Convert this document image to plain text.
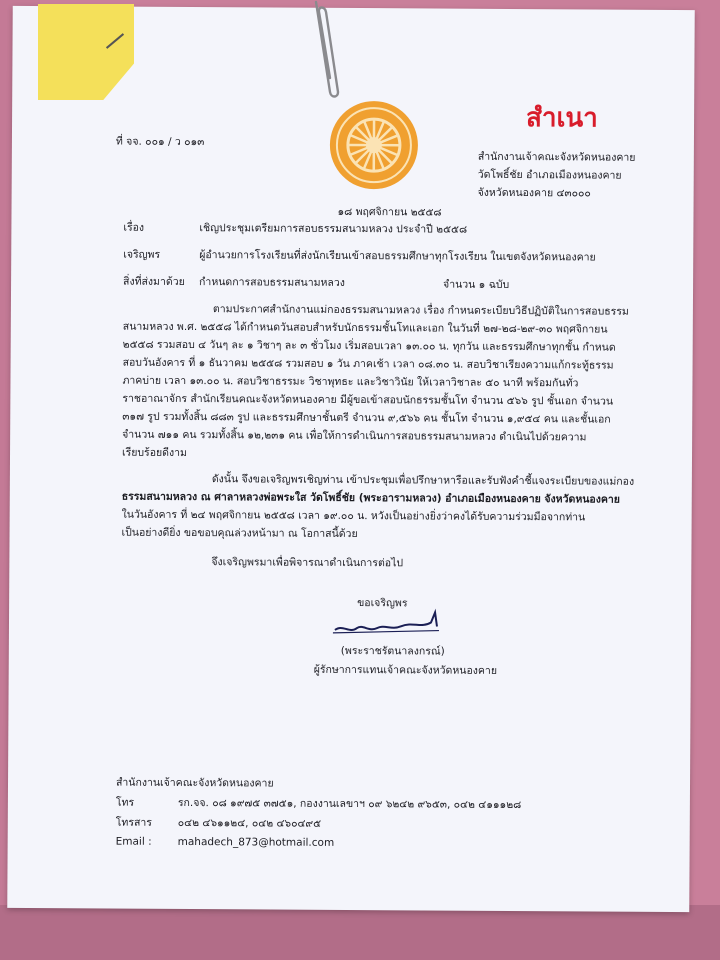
สำเนา
ที่ จจ. ๐๐๑ / ว ๐๑๓
สำนักงานเจ้าคณะจังหวัดหนองคาย
วัดโพธิ์ชัย อำเภอเมืองหนองคาย
จังหวัดหนองคาย ๔๓๐๐๐
๑๘ พฤศจิกายน ๒๕๕๘
เรื่อง	เชิญประชุมเตรียมการสอบธรรมสนามหลวง ประจำปี ๒๕๕๘
เจริญพร	ผู้อำนวยการโรงเรียนที่ส่งนักเรียนเข้าสอบธรรมศึกษาทุกโรงเรียน ในเขตจังหวัดหนองคาย
สิ่งที่ส่งมาด้วย กำหนดการสอบธรรมสนามหลวง	จำนวน ๑ ฉบับ
ตามประกาศสำนักงานแม่กองธรรมสนามหลวง เรื่อง กำหนดระเบียบวิธีปฏิบัติในการสอบธรรม
สนามหลวง พ.ศ. ๒๕๕๘ ได้กำหนดวันสอบสำหรับนักธรรมชั้นโทและเอก ในวันที่ ๒๗-๒๘-๒๙-๓๐ พฤศจิกายน
๒๕๕๘ รวมสอบ ๔ วันๆ ละ ๑ วิชาๆ ละ ๓ ชั่วโมง เริ่มสอบเวลา ๑๓.๐๐ น. ทุกวัน และธรรมศึกษาทุกชั้น กำหนด
สอบวันอังคาร ที่ ๑ ธันวาคม ๒๕๕๘ รวมสอบ ๑ วัน ภาคเช้า เวลา ๐๘.๓๐ น. สอบวิชาเรียงความแก้กระทู้ธรรม
ภาคบ่าย เวลา ๑๓.๐๐ น. สอบวิชาธรรมะ วิชาพุทธะ และวิชาวินัย ให้เวลาวิชาละ ๕๐ นาที พร้อมกันทั่ว
ราชอาณาจักร สำนักเรียนคณะจังหวัดหนองคาย มีผู้ขอเข้าสอบนักธรรมชั้นโท จำนวน ๕๖๖ รูป ชั้นเอก จำนวน
๓๑๗ รูป รวมทั้งสิ้น ๘๘๓ รูป และธรรมศึกษาชั้นตรี จำนวน ๙,๕๖๖ คน ชั้นโท จำนวน ๑,๙๕๔ คน และชั้นเอก
จำนวน ๗๑๑ คน รวมทั้งสิ้น ๑๒,๒๓๑ คน เพื่อให้การดำเนินการสอบธรรมสนามหลวง ดำเนินไปด้วยความ
เรียบร้อยดีงาม
ดังนั้น จึงขอเจริญพรเชิญท่าน เข้าประชุมเพื่อปรึกษาหารือและรับฟังคำชี้แจงระเบียบของแม่กอง
ธรรมสนามหลวง ณ ศาลาหลวงพ่อพระใส วัดโพธิ์ชัย (พระอารามหลวง) อำเภอเมืองหนองคาย จังหวัดหนองคาย
ในวันอังคาร ที่ ๒๔ พฤศจิกายน ๒๕๕๘ เวลา ๑๙.๐๐ น. หวังเป็นอย่างยิ่งว่าคงได้รับความร่วมมือจากท่าน
เป็นอย่างดียิ่ง ขอขอบคุณล่วงหน้ามา ณ โอกาสนี้ด้วย
จึงเจริญพรมาเพื่อพิจารณาดำเนินการต่อไป
ขอเจริญพร
(พระราชรัตนาลงกรณ์)
ผู้รักษาการแทนเจ้าคณะจังหวัดหนองคาย
สำนักงานเจ้าคณะจังหวัดหนองคาย
โทร	รก.จจ. ๐๘ ๑๙๗๕ ๓๗๕๑, กองงานเลขาฯ ๐๙ ๖๒๔๒ ๙๖๕๓, ๐๔๒ ๔๑๑๑๒๘
โทรสาร ๐๔๒ ๔๖๑๑๒๔, ๐๔๒ ๔๖๐๔๙๕
Email : mahadech_873@hotmail.com
